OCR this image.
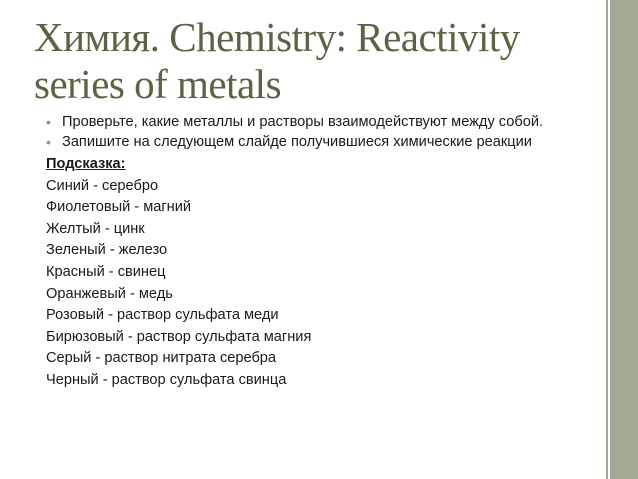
Химия. Chemistry: Reactivity
series of metals
• Проверьте, какие металлы и растворы взаимодействуют между собой.
• Запишите на следующем слайде получившиеся химические реакции
Подсказка:
Синий - серебро
Фиолетовый - магний
Желтый - цинк
Зеленый - железо
Красный - свинец
Оранжевый - медь
Розовый - раствор сульфата меди
Бирюзовый - раствор сульфата магния
Серый - раствор нитрата серебра
Черный - раствор сульфата свинца
